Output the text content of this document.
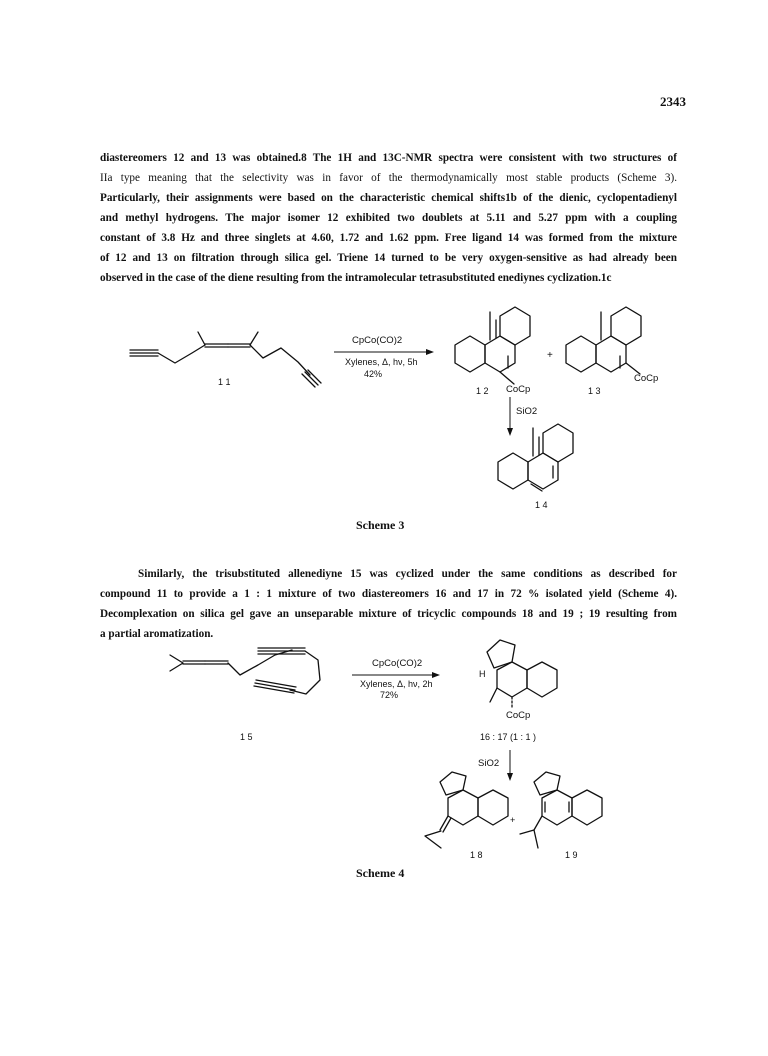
2343

diastereomers 12 and 13 was obtained.8 The 1H and 13C-NMR spectra were consistent with two structures of
IIa type meaning that the selectivity was in favor of the thermodynamically most stable products (Scheme 3).
Particularly, their assignments were based on the characteristic chemical shifts1b of the dienic, cyclopentadienyl
and methyl hydrogens. The major isomer 12 exhibited two doublets at 5.11 and 5.27 ppm with a coupling
constant of 3.8 Hz and three singlets at 4.60, 1.72 and 1.62 ppm. Free ligand 14 was formed from the mixture
of 12 and 13 on filtration through silica gel. Triene 14 turned to be very oxygen-sensitive as had already been
observed in the case of the diene resulting from the intramolecular tetrasubstituted enediynes cyclization.1c

1 1
CpCo(CO)2
Xylenes, Δ, hν, 5h
42%
CoCp
1 2
+
CoCp
1 3
SiO2
1 4
Scheme 3

Similarly, the trisubstituted allenediyne 15 was cyclized under the same conditions as described for
compound 11 to provide a 1 : 1 mixture of two diastereomers 16 and 17 in 72 % isolated yield (Scheme 4).
Decomplexation on silica gel gave an unseparable mixture of tricyclic compounds 18 and 19 ; 19 resulting from
a partial aromatization.

1 5
CpCo(CO)2
Xylenes, Δ, hν, 2h
72%
H
CoCp
16 : 17 (1 : 1 )
SiO2
1 8
+
1 9
Scheme 4
